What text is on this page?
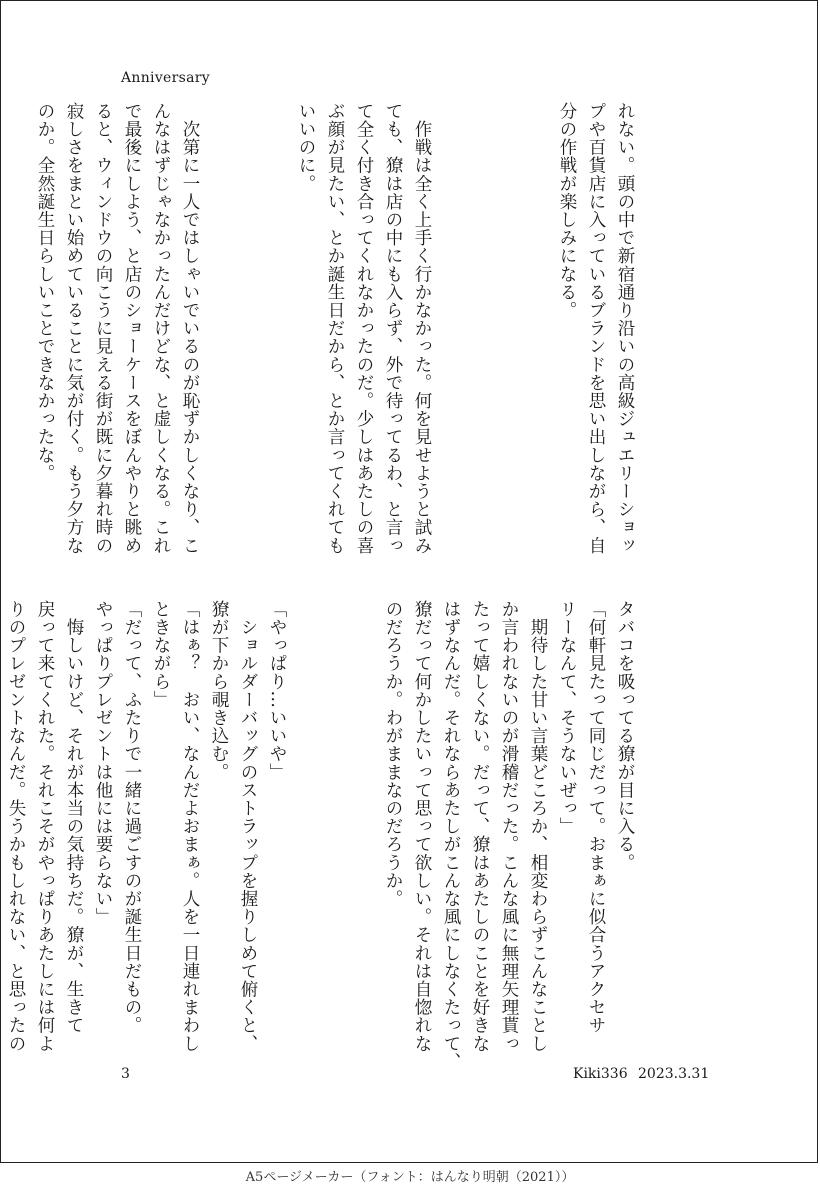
Anniversary

れない。頭の中で新宿通り沿いの高級ジュエリーショッ
プや百貨店に入っているブランドを思い出しながら、自
分の作戦が楽しみになる。

　作戦は全く上手く行かなかった。何を見せようと試み
ても、獠は店の中にも入らず、外で待ってるわ、と言っ
て全く付き合ってくれなかったのだ。少しはあたしの喜
ぶ顔が見たい、とか誕生日だから、とか言ってくれても
いいのに。

　次第に一人ではしゃいでいるのが恥ずかしくなり、こ
んなはずじゃなかったんだけどな、と虚しくなる。これ
で最後にしよう、と店のショーケースをぼんやりと眺め
ると、ウィンドウの向こうに見える街が既に夕暮れ時の
寂しさをまとい始めていることに気が付く。もう夕方な
のか。全然誕生日らしいことできなかったな。

タバコを吸ってる獠が目に入る。
「何軒見たって同じだって。おまぁに似合うアクセサ
リーなんて、そうないぜっ」
　期待した甘い言葉どころか、相変わらずこんなことし
か言われないのが滑稽だった。こんな風に無理矢理貰っ
たって嬉しくない。だって、獠はあたしのことを好きな
はずなんだ。それならあたしがこんな風にしなくたって、
獠だって何かしたいって思って欲しい。それは自惚れな
のだろうか。わがままなのだろうか。

「やっぱり…いいや」
　ショルダーバッグのストラップを握りしめて俯くと、
獠が下から覗き込む。
「はぁ？　おい、なんだよおまぁ。人を一日連れまわし
ときながら」
「だって、ふたりで一緒に過ごすのが誕生日だもの。
やっぱりプレゼントは他には要らない」
　悔しいけど、それが本当の気持ちだ。獠が、生きて
戻って来てくれた。それこそがやっぱりあたしには何よ
りのプレゼントなんだ。失うかもしれない、と思ったの

3	Kiki336 2023.3.31
A5ページメーカー（フォント：はんなり明朝（2021））
